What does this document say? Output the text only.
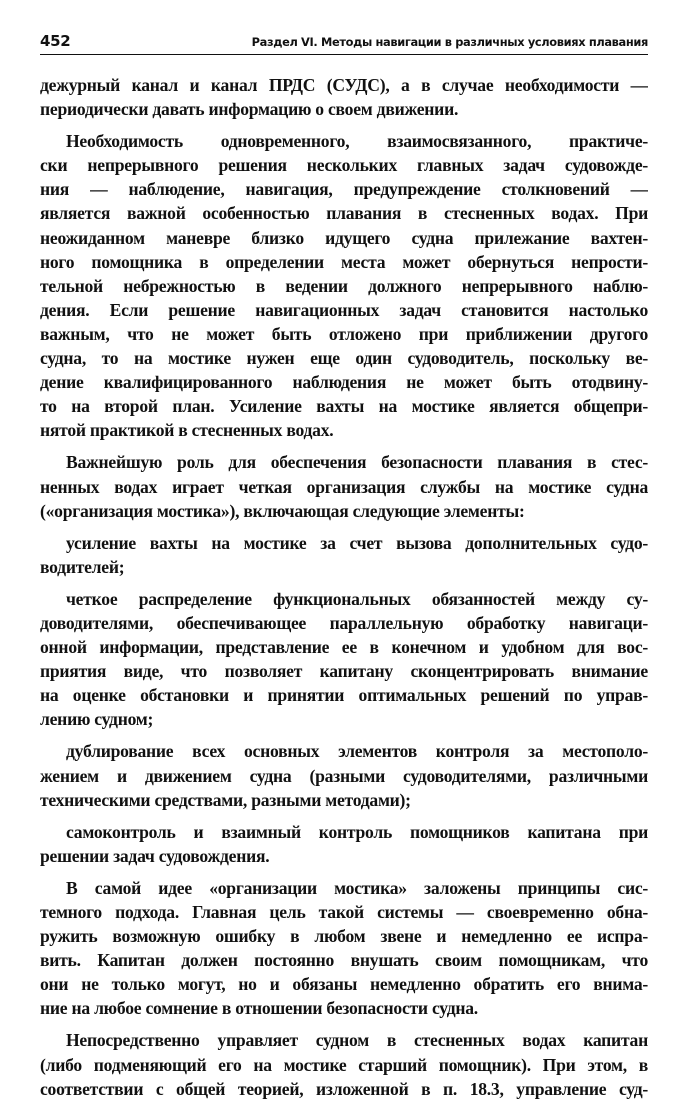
452	Раздел VI. Методы навигации в различных условиях плавания
дежурный канал и канал ПРДС (СУДС), а в случае необходимости —
периодически давать информацию о своем движении.
Необходимость одновременного, взаимосвязанного, практиче-
ски непрерывного решения нескольких главных задач судовожде-
ния — наблюдение, навигация, предупреждение столкновений —
является важной особенностью плавания в стесненных водах. При
неожиданном маневре близко идущего судна прилежание вахтен-
ного помощника в определении места может обернуться непрости-
тельной небрежностью в ведении должного непрерывного наблю-
дения. Если решение навигационных задач становится настолько
важным, что не может быть отложено при приближении другого
судна, то на мостике нужен еще один судоводитель, поскольку ве-
дение квалифицированного наблюдения не может быть отодвину-
то на второй план. Усиление вахты на мостике является общепри-
нятой практикой в стесненных водах.
Важнейшую роль для обеспечения безопасности плавания в стес-
ненных водах играет четкая организация службы на мостике судна
(«организация мостика»), включающая следующие элементы:
усиление вахты на мостике за счет вызова дополнительных судо-
водителей;
четкое распределение функциональных обязанностей между су-
доводителями, обеспечивающее параллельную обработку навигаци-
онной информации, представление ее в конечном и удобном для вос-
приятия виде, что позволяет капитану сконцентрировать внимание
на оценке обстановки и принятии оптимальных решений по управ-
лению судном;
дублирование всех основных элементов контроля за местополо-
жением и движением судна (разными судоводителями, различными
техническими средствами, разными методами);
самоконтроль и взаимный контроль помощников капитана при
решении задач судовождения.
В самой идее «организации мостика» заложены принципы сис-
темного подхода. Главная цель такой системы — своевременно обна-
ружить возможную ошибку в любом звене и немедленно ее испра-
вить. Капитан должен постоянно внушать своим помощникам, что
они не только могут, но и обязаны немедленно обратить его внима-
ние на любое сомнение в отношении безопасности судна.
Непосредственно управляет судном в стесненных водах капитан
(либо подменяющий его на мостике старший помощник). При этом, в
соответствии с общей теорией, изложенной в п. 18.3, управление суд-
